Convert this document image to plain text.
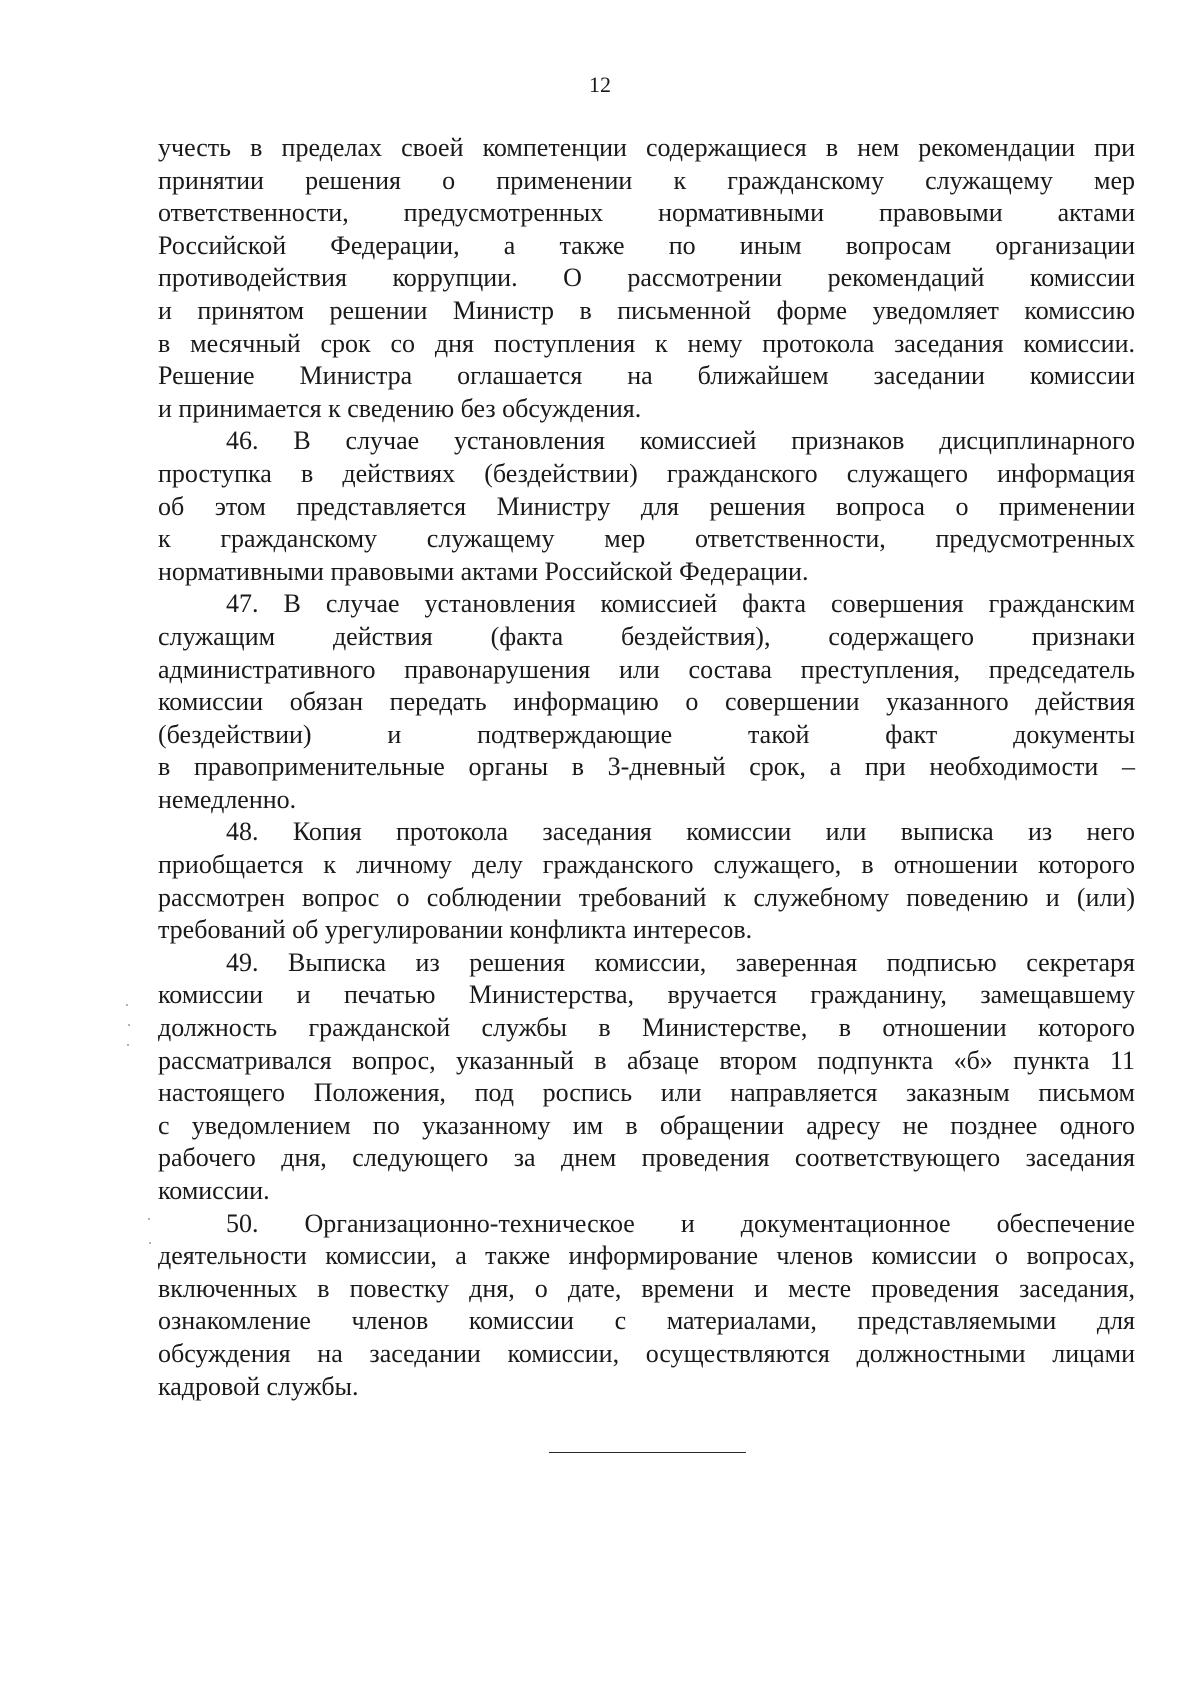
12

учесть в пределах своей компетенции содержащиеся в нем рекомендации при
принятии решения о применении к гражданскому служащему мер
ответственности, предусмотренных нормативными правовыми актами
Российской Федерации, а также по иным вопросам организации
противодействия коррупции. О рассмотрении рекомендаций комиссии
и принятом решении Министр в письменной форме уведомляет комиссию
в месячный срок со дня поступления к нему протокола заседания комиссии.
Решение Министра оглашается на ближайшем заседании комиссии
и принимается к сведению без обсуждения.

46. В случае установления комиссией признаков дисциплинарного
проступка в действиях (бездействии) гражданского служащего информация
об этом представляется Министру для решения вопроса о применении
к гражданскому служащему мер ответственности, предусмотренных
нормативными правовыми актами Российской Федерации.

47. В случае установления комиссией факта совершения гражданским
служащим действия (факта бездействия), содержащего признаки
административного правонарушения или состава преступления, председатель
комиссии обязан передать информацию о совершении указанного действия
(бездействии) и подтверждающие такой факт документы
в правоприменительные органы в 3-дневный срок, а при необходимости –
немедленно.

48. Копия протокола заседания комиссии или выписка из него
приобщается к личному делу гражданского служащего, в отношении которого
рассмотрен вопрос о соблюдении требований к служебному поведению и (или)
требований об урегулировании конфликта интересов.

49. Выписка из решения комиссии, заверенная подписью секретаря
комиссии и печатью Министерства, вручается гражданину, замещавшему
должность гражданской службы в Министерстве, в отношении которого
рассматривался вопрос, указанный в абзаце втором подпункта «б» пункта 11
настоящего Положения, под роспись или направляется заказным письмом
с уведомлением по указанному им в обращении адресу не позднее одного
рабочего дня, следующего за днем проведения соответствующего заседания
комиссии.

50. Организационно-техническое и документационное обеспечение
деятельности комиссии, а также информирование членов комиссии о вопросах,
включенных в повестку дня, о дате, времени и месте проведения заседания,
ознакомление членов комиссии с материалами, представляемыми для
обсуждения на заседании комиссии, осуществляются должностными лицами
кадровой службы.
